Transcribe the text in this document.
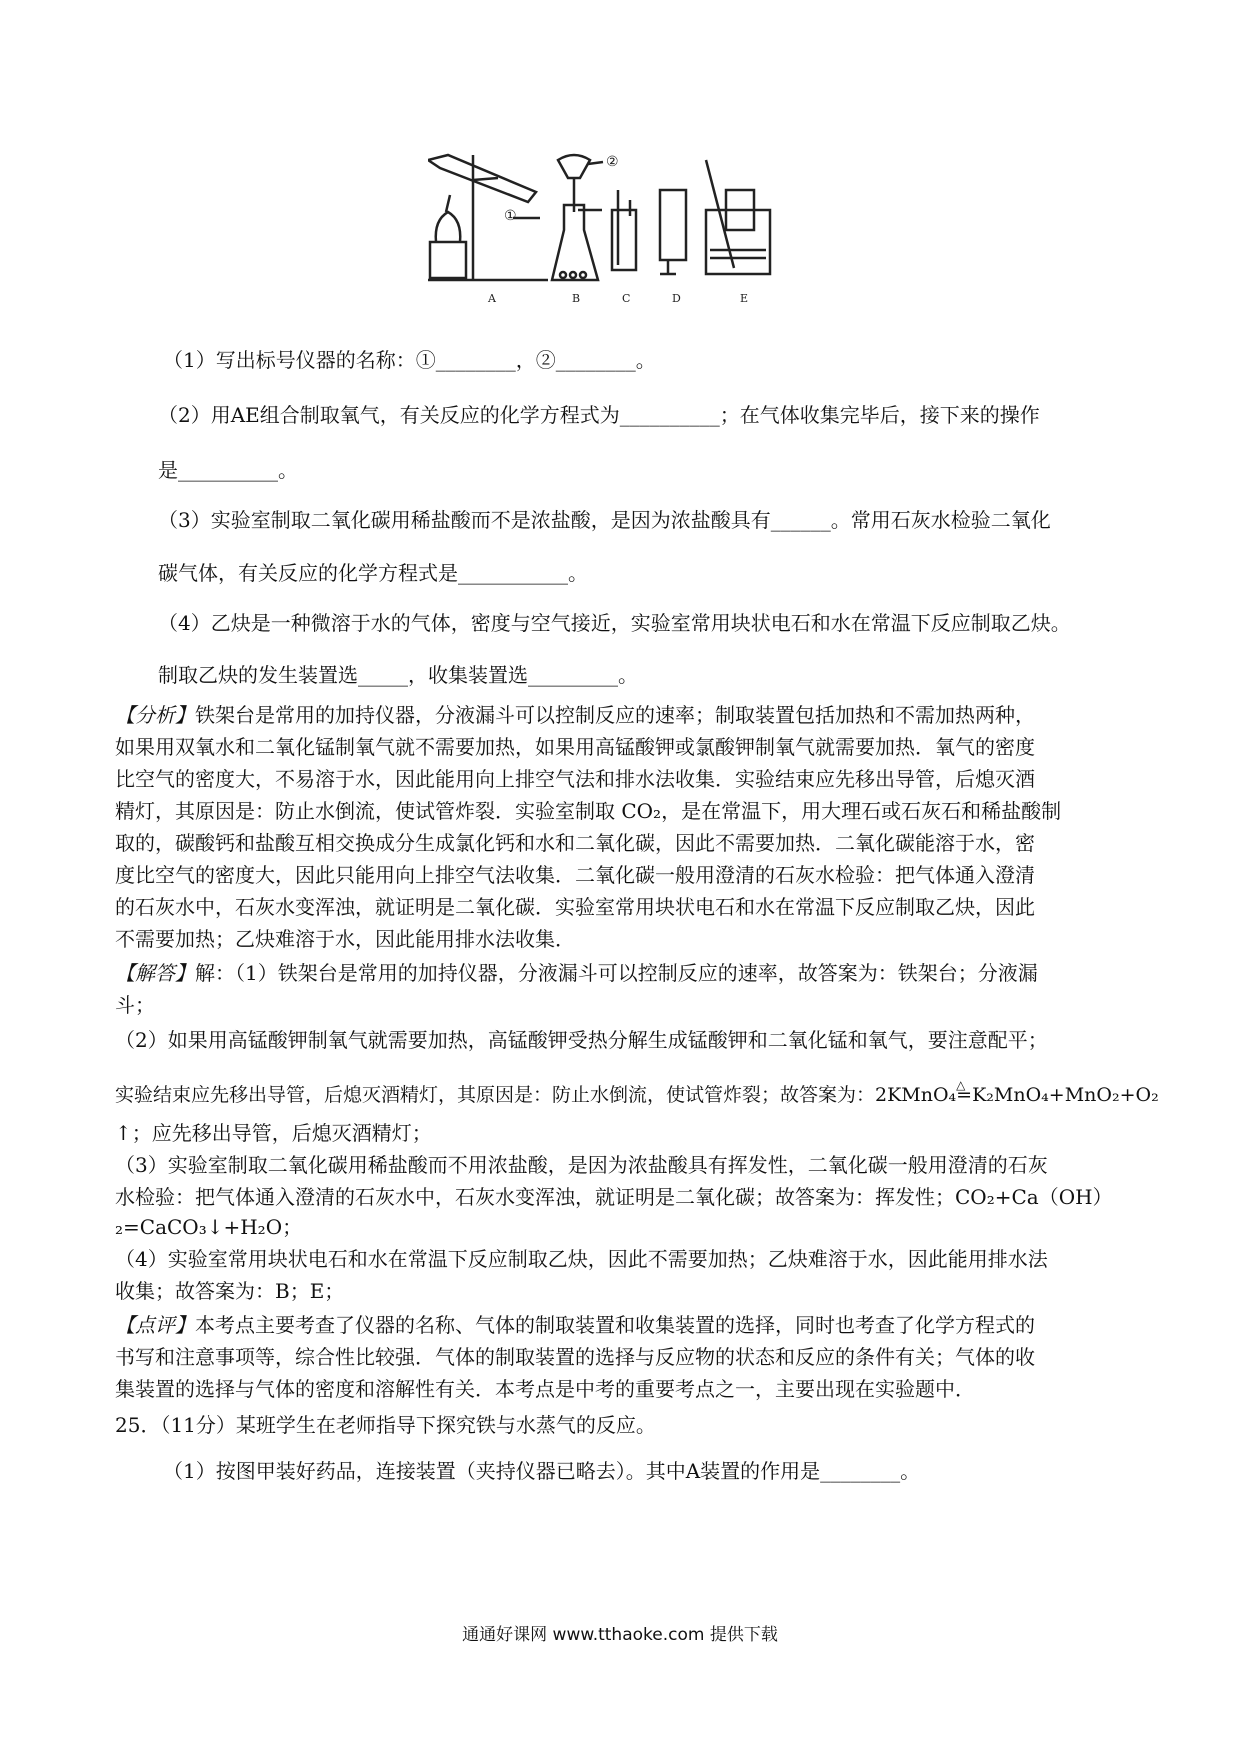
A	B	C	D	E
①
②
（1）写出标号仪器的名称：①________，②________。
（2）用AE组合制取氧气，有关反应的化学方程式为__________；在气体收集完毕后，接下来的操作
是__________。
（3）实验室制取二氧化碳用稀盐酸而不是浓盐酸，是因为浓盐酸具有______。常用石灰水检验二氧化
碳气体，有关反应的化学方程式是___________。
（4）乙炔是一种微溶于水的气体，密度与空气接近，实验室常用块状电石和水在常温下反应制取乙炔。
制取乙炔的发生装置选_____，收集装置选_________。
【分析】铁架台是常用的加持仪器，分液漏斗可以控制反应的速率；制取装置包括加热和不需加热两种，
如果用双氧水和二氧化锰制氧气就不需要加热，如果用高锰酸钾或氯酸钾制氧气就需要加热．氧气的密度
比空气的密度大，不易溶于水，因此能用向上排空气法和排水法收集．实验结束应先移出导管，后熄灭酒
精灯，其原因是：防止水倒流，使试管炸裂．实验室制取 CO₂，是在常温下，用大理石或石灰石和稀盐酸制
取的，碳酸钙和盐酸互相交换成分生成氯化钙和水和二氧化碳，因此不需要加热．二氧化碳能溶于水，密
度比空气的密度大，因此只能用向上排空气法收集．二氧化碳一般用澄清的石灰水检验：把气体通入澄清
的石灰水中，石灰水变浑浊，就证明是二氧化碳．实验室常用块状电石和水在常温下反应制取乙炔，因此
不需要加热；乙炔难溶于水，因此能用排水法收集．
【解答】解：（1）铁架台是常用的加持仪器，分液漏斗可以控制反应的速率，故答案为：铁架台；分液漏
斗；
（2）如果用高锰酸钾制氧气就需要加热，高锰酸钾受热分解生成锰酸钾和二氧化锰和氧气，要注意配平；
实验结束应先移出导管，后熄灭酒精灯，其原因是：防止水倒流，使试管炸裂；故答案为：2KMnO₄△ =K₂MnO₄+MnO₂+O₂
↑；应先移出导管，后熄灭酒精灯；
（3）实验室制取二氧化碳用稀盐酸而不用浓盐酸，是因为浓盐酸具有挥发性，二氧化碳一般用澄清的石灰
水检验：把气体通入澄清的石灰水中，石灰水变浑浊，就证明是二氧化碳；故答案为：挥发性；CO₂+Ca（OH）
₂=CaCO₃↓+H₂O；
（4）实验室常用块状电石和水在常温下反应制取乙炔，因此不需要加热；乙炔难溶于水，因此能用排水法
收集；故答案为：B；E；
【点评】本考点主要考查了仪器的名称、气体的制取装置和收集装置的选择，同时也考查了化学方程式的
书写和注意事项等，综合性比较强．气体的制取装置的选择与反应物的状态和反应的条件有关；气体的收
集装置的选择与气体的密度和溶解性有关．本考点是中考的重要考点之一，主要出现在实验题中．
25．（11分）某班学生在老师指导下探究铁与水蒸气的反应。
（1）按图甲装好药品，连接装置（夹持仪器已略去）。其中A装置的作用是________。
通通好课网 www.tthaoke.com 提供下载
